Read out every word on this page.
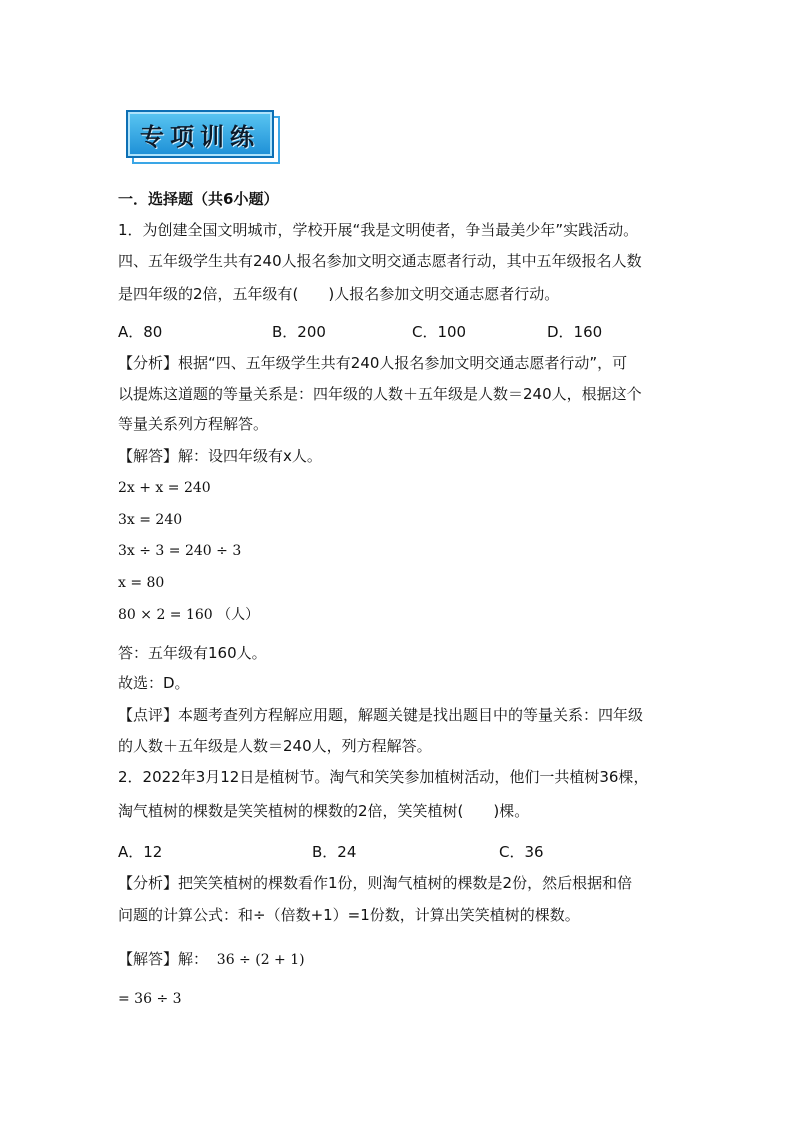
专项训练
一．选择题（共6小题）
1．为创建全国文明城市，学校开展“我是文明使者，争当最美少年”实践活动。
四、五年级学生共有240人报名参加文明交通志愿者行动，其中五年级报名人数
是四年级的2倍，五年级有(　　)人报名参加文明交通志愿者行动。
A．80	B．200	C．100	D．160
【分析】根据“四、五年级学生共有240人报名参加文明交通志愿者行动”，可
以提炼这道题的等量关系是：四年级的人数＋五年级是人数＝240人，根据这个
等量关系列方程解答。
【解答】解：设四年级有x人。
2x + x = 240
3x = 240
3x ÷ 3 = 240 ÷ 3
x = 80
80 × 2 = 160 （人）
答：五年级有160人。
故选：D。
【点评】本题考查列方程解应用题，解题关键是找出题目中的等量关系：四年级
的人数＋五年级是人数＝240人，列方程解答。
2．2022年3月12日是植树节。淘气和笑笑参加植树活动，他们一共植树36棵，
淘气植树的棵数是笑笑植树的棵数的2倍，笑笑植树(　　)棵。
A．12	B．24	C．36
【分析】把笑笑植树的棵数看作1份，则淘气植树的棵数是2份，然后根据和倍
问题的计算公式：和÷（倍数+1）=1份数，计算出笑笑植树的棵数。
【解答】解： 36 ÷ (2 + 1)
= 36 ÷ 3
